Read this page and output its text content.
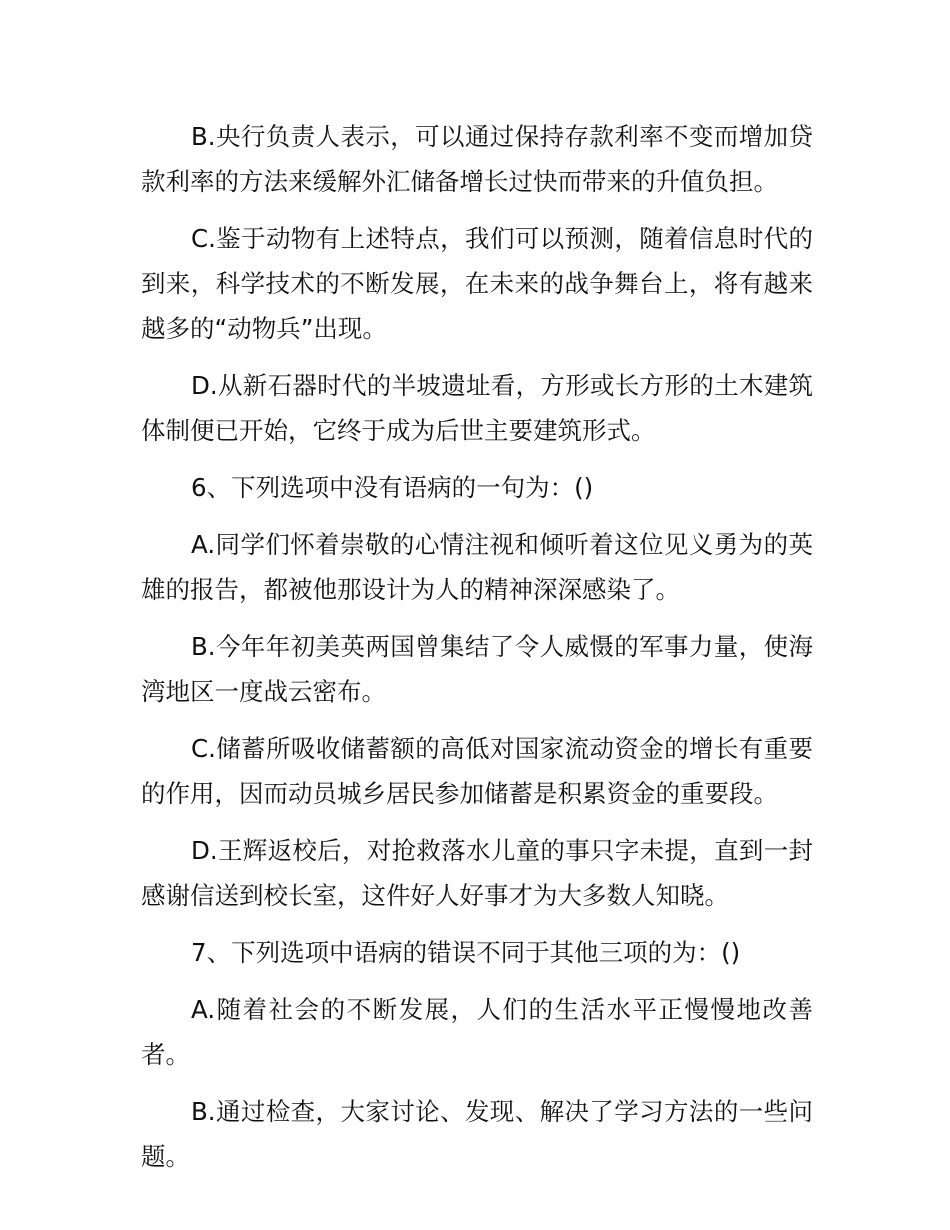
B.央行负责人表示，可以通过保持存款利率不变而增加贷款利率的方法来缓解外汇储备增长过快而带来的升值负担。

C.鉴于动物有上述特点，我们可以预测，随着信息时代的到来，科学技术的不断发展，在未来的战争舞台上，将有越来越多的“动物兵”出现。

D.从新石器时代的半坡遗址看，方形或长方形的土木建筑体制便已开始，它终于成为后世主要建筑形式。

6、下列选项中没有语病的一句为：()

A.同学们怀着崇敬的心情注视和倾听着这位见义勇为的英雄的报告，都被他那设计为人的精神深深感染了。

B.今年年初美英两国曾集结了令人威慑的军事力量，使海湾地区一度战云密布。

C.储蓄所吸收储蓄额的高低对国家流动资金的增长有重要的作用，因而动员城乡居民参加储蓄是积累资金的重要段。

D.王辉返校后，对抢救落水儿童的事只字未提，直到一封感谢信送到校长室，这件好人好事才为大多数人知晓。

7、下列选项中语病的错误不同于其他三项的为：()

A.随着社会的不断发展，人们的生活水平正慢慢地改善者。

B.通过检查，大家讨论、发现、解决了学习方法的一些问题。
